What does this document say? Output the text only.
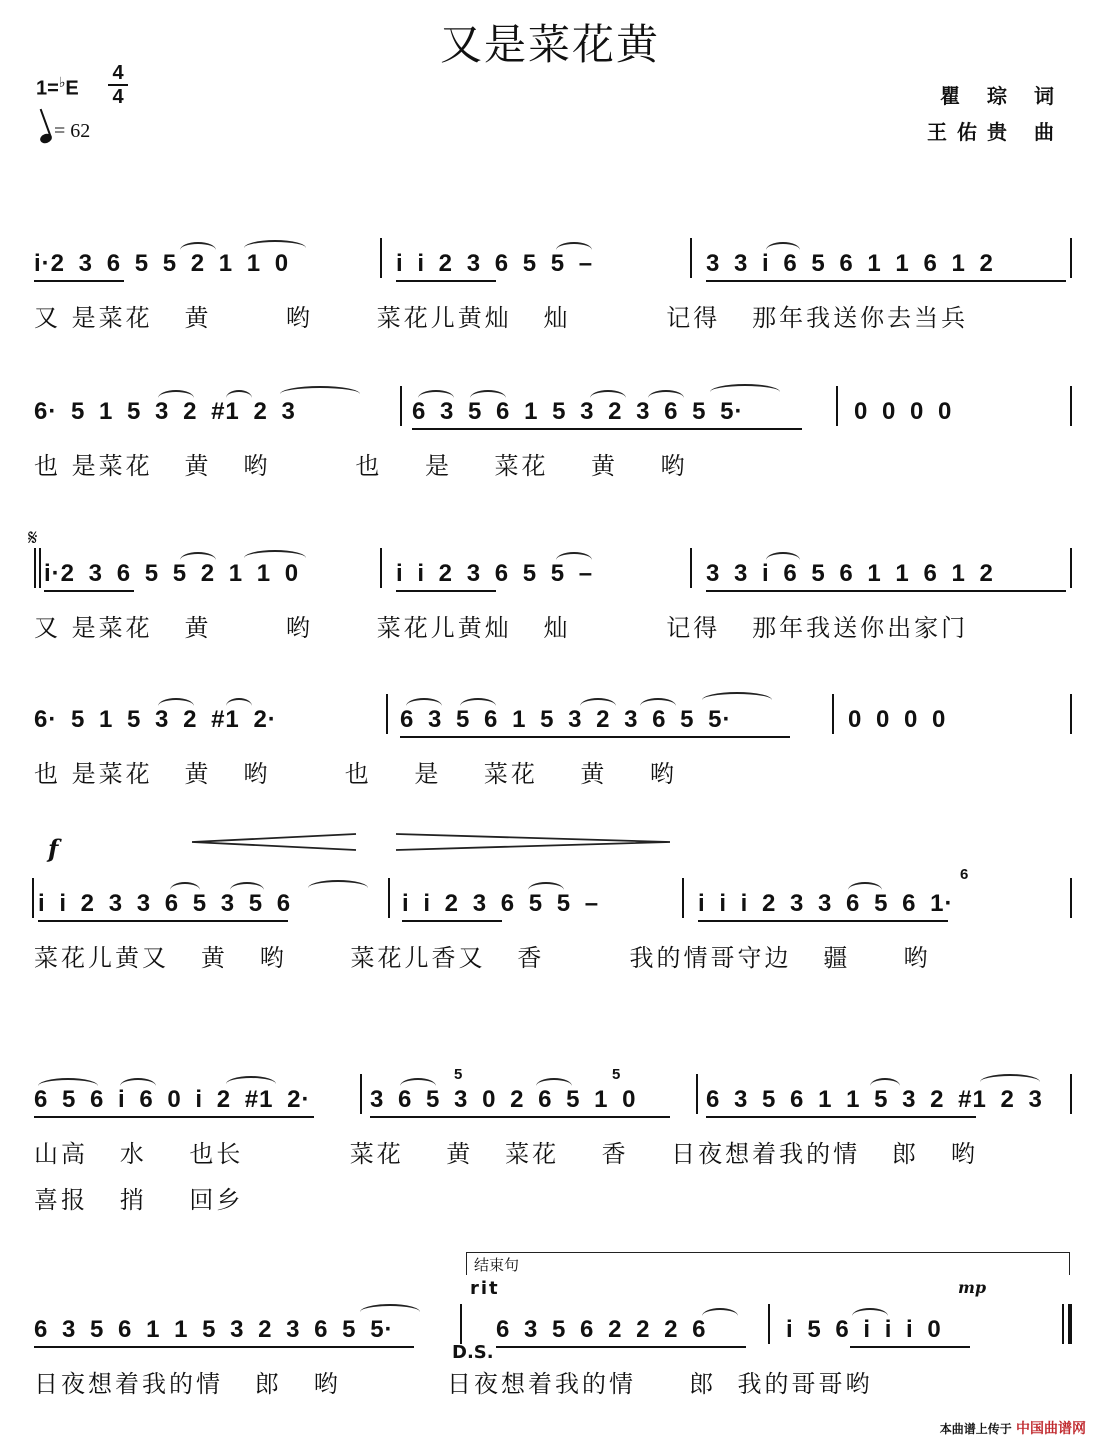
又是菜花黄
1=♭E
4
4
= 62
瞿 琮 词
王佑贵 曲
i·2 3 6 5 5 2 1 1 0	i i 2 3 6 5 5 –	3 3 i 6 5 6 1 1 6 1 2
又 是菜花   黄       哟      菜花儿黄灿   灿         记得   那年我送你去当兵
6· 5 1 5 3 2 #1 2 3	6 3 5 6 1 5 3 2 3 6 5 5·	0 0 0 0
也 是菜花   黄   哟        也    是    菜花    黄    哟
𝄋
i·2 3 6 5 5 2 1 1 0	i i 2 3 6 5 5 –	3 3 i 6 5 6 1 1 6 1 2
又 是菜花   黄       哟      菜花儿黄灿   灿         记得   那年我送你出家门
6· 5 1 5 3 2 #1 2·	6 3 5 6 1 5 3 2 3 6 5 5·	0 0 0 0
也 是菜花   黄   哟       也    是    菜花    黄    哟
f
i i 2 3 3 6 5 3 5 6	i i 2 3 6 5 5 –	i i i 2 3 3 6 5 6 1·
6
菜花儿黄又   黄   哟      菜花儿香又   香        我的情哥守边   疆     哟
6 5 6 i 6 0 i 2 #1 2· 3 6 5 3 0 2 6 5 1 0	6 3 5 6 1 1 5 3 2 #1 2 3
5	5
山高   水    也长          菜花    黄   菜花    香    日夜想着我的情   郎   哟
喜报   捎    回乡
结束句
rit	mp
6 3 5 6 1 1 5 3 2 3 6 5 5·	6 3 5 6 2 2 2 6	i 5 6 i i i 0
D.S.
日夜想着我的情   郎   哟          日夜想着我的情     郎  我的哥哥哟
本曲谱上传于 中国曲谱网
